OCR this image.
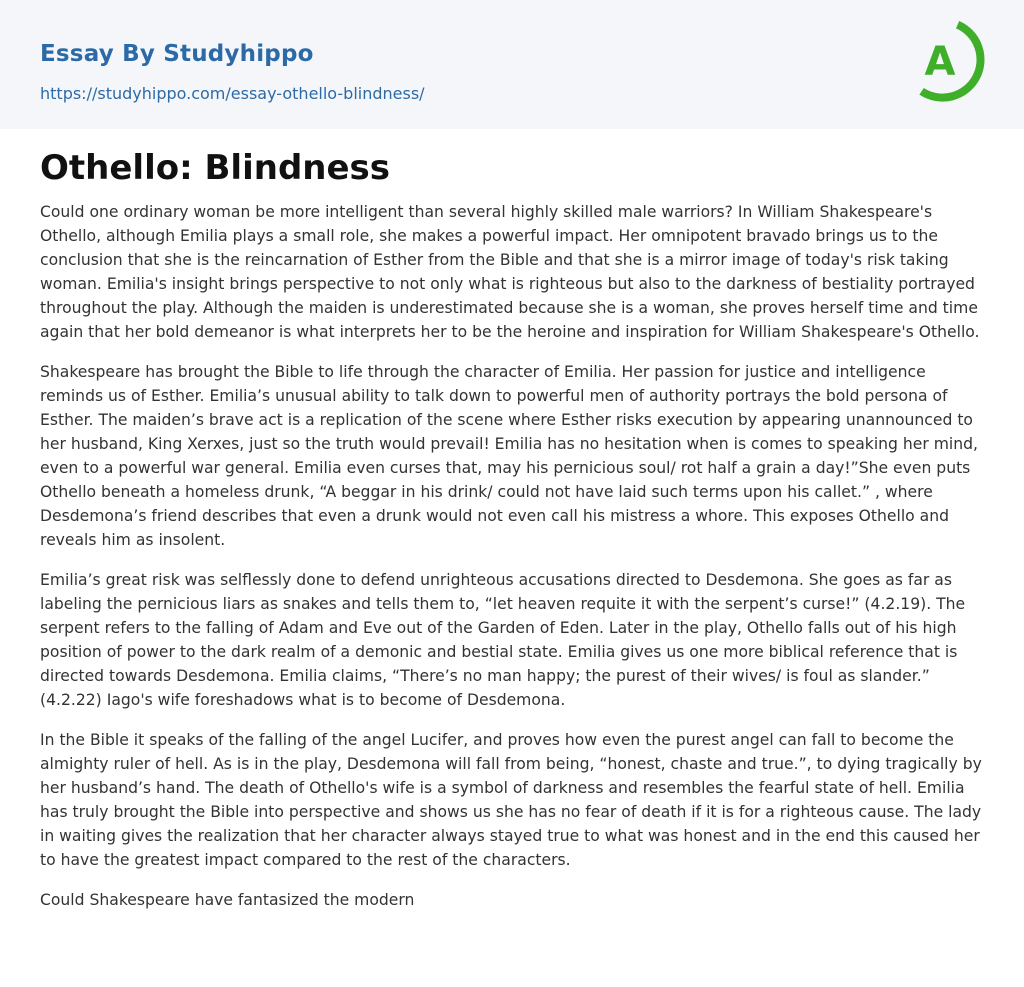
Essay By Studyhippo
https://studyhippo.com/essay-othello-blindness/
A
Othello: Blindness

Could one ordinary woman be more intelligent than several highly skilled male warriors? In William Shakespeare's Othello, although Emilia plays a small role, she makes a powerful impact. Her omnipotent bravado brings us to the conclusion that she is the reincarnation of Esther from the Bible and that she is a mirror image of today's risk taking woman. Emilia's insight brings perspective to not only what is righteous but also to the darkness of bestiality portrayed throughout the play. Although the maiden is underestimated because she is a woman, she proves herself time and time again that her bold demeanor is what interprets her to be the heroine and inspiration for William Shakespeare's Othello.

Shakespeare has brought the Bible to life through the character of Emilia. Her passion for justice and intelligence reminds us of Esther. Emilia’s unusual ability to talk down to powerful men of authority portrays the bold persona of Esther. The maiden’s brave act is a replication of the scene where Esther risks execution by appearing unannounced to her husband, King Xerxes, just so the truth would prevail! Emilia has no hesitation when is comes to speaking her mind, even to a powerful war general. Emilia even curses that, may his pernicious soul/ rot half a grain a day!”She even puts Othello beneath a homeless drunk, “A beggar in his drink/ could not have laid such terms upon his callet.” , where Desdemona’s friend describes that even a drunk would not even call his mistress a whore. This exposes Othello and reveals him as insolent.

Emilia’s great risk was selflessly done to defend unrighteous accusations directed to Desdemona. She goes as far as labeling the pernicious liars as snakes and tells them to, “let heaven requite it with the serpent’s curse!” (4.2.19). The serpent refers to the falling of Adam and Eve out of the Garden of Eden. Later in the play, Othello falls out of his high position of power to the dark realm of a demonic and bestial state. Emilia gives us one more biblical reference that is directed towards Desdemona. Emilia claims, “There’s no man happy; the purest of their wives/ is foul as slander.” (4.2.22) Iago's wife foreshadows what is to become of Desdemona.

In the Bible it speaks of the falling of the angel Lucifer, and proves how even the purest angel can fall to become the almighty ruler of hell. As is in the play, Desdemona will fall from being, “honest, chaste and true.”, to dying tragically by her husband’s hand. The death of Othello's wife is a symbol of darkness and resembles the fearful state of hell. Emilia has truly brought the Bible into perspective and shows us she has no fear of death if it is for a righteous cause. The lady in waiting gives the realization that her character always stayed true to what was honest and in the end this caused her to have the greatest impact compared to the rest of the characters.

Could Shakespeare have fantasized the modern
